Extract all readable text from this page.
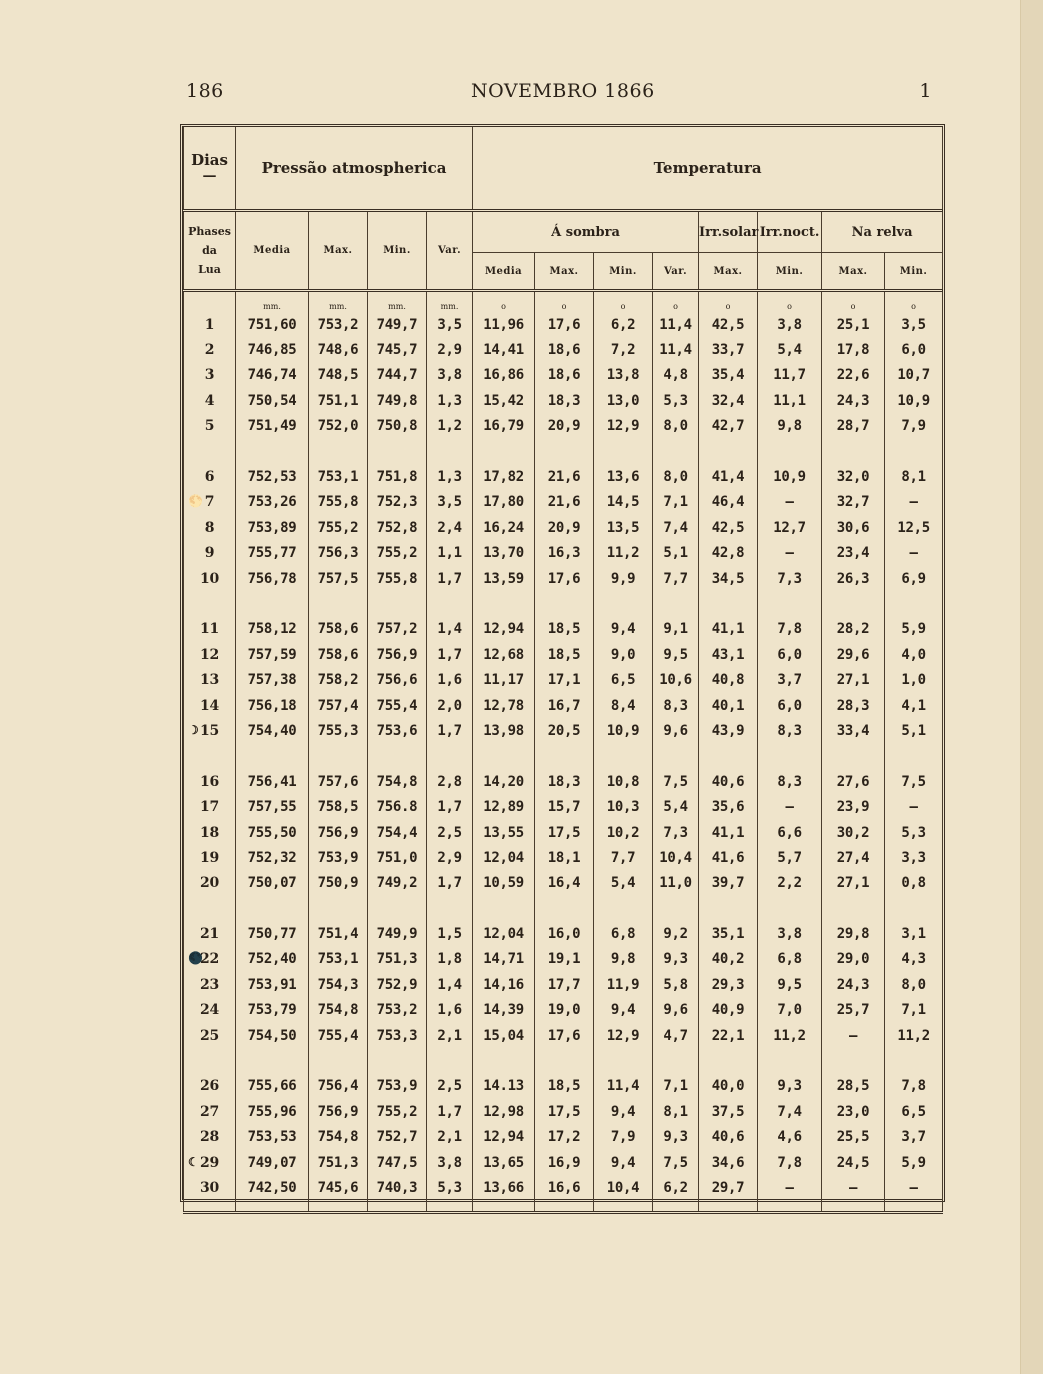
186	NOVEMBRO 1866	1
Dias
—	Pressão atmospherica				Temperatura							

Phases
da
Lua	Media	Max.	Min.	Var.	Á sombra				Irr.solar	Irr.noct.	Na relva	
					Media	Max.	Min.	Var.	Max.	Min.	Max.	Min.

	mm.	mm.	mm.	mm.	o	o	o	o	o	o	o	o
1	751,60	753,2	749,7	3,5	11,96	17,6	6,2	11,4	42,5	3,8	25,1	3,5
2	746,85	748,6	745,7	2,9	14,41	18,6	7,2	11,4	33,7	5,4	17,8	6,0
3	746,74	748,5	744,7	3,8	16,86	18,6	13,8	4,8	35,4	11,7	22,6	10,7
4	750,54	751,1	749,8	1,3	15,42	18,3	13,0	5,3	32,4	11,1	24,3	10,9
5	751,49	752,0	750,8	1,2	16,79	20,9	12,9	8,0	42,7	9,8	28,7	7,9

6	752,53	753,1	751,8	1,3	17,82	21,6	13,6	8,0	41,4	10,9	32,0	8,1

🌕 7	753,26	755,8	752,3	3,5	17,80	21,6	14,5	7,1	46,4	—	32,7	—
8	753,89	755,2	752,8	2,4	16,24	20,9	13,5	7,4	42,5	12,7	30,6	12,5
9	755,77	756,3	755,2	1,1	13,70	16,3	11,2	5,1	42,8	—	23,4	—
10	756,78	757,5	755,8	1,7	13,59	17,6	9,9	7,7	34,5	7,3	26,3	6,9

11	758,12	758,6	757,2	1,4	12,94	18,5	9,4	9,1	41,1	7,8	28,2	5,9
12	757,59	758,6	756,9	1,7	12,68	18,5	9,0	9,5	43,1	6,0	29,6	4,0
13	757,38	758,2	756,6	1,6	11,17	17,1	6,5	10,6	40,8	3,7	27,1	1,0
14	756,18	757,4	755,4	2,0	12,78	16,7	8,4	8,3	40,1	6,0	28,3	4,1

☽ 15	754,40	755,3	753,6	1,7	13,98	20,5	10,9	9,6	43,9	8,3	33,4	5,1

16	756,41	757,6	754,8	2,8	14,20	18,3	10,8	7,5	40,6	8,3	27,6	7,5
17	757,55	758,5	756.8	1,7	12,89	15,7	10,3	5,4	35,6	—	23,9	—
18	755,50	756,9	754,4	2,5	13,55	17,5	10,2	7,3	41,1	6,6	30,2	5,3
19	752,32	753,9	751,0	2,9	12,04	18,1	7,7	10,4	41,6	5,7	27,4	3,3
20	750,07	750,9	749,2	1,7	10,59	16,4	5,4	11,0	39,7	2,2	27,1	0,8

21	750,77	751,4	749,9	1,5	12,04	16,0	6,8	9,2	35,1	3,8	29,8	3,1

🌑
22	752,40	753,1	751,3	1,8	14,71	19,1	9,8	9,3	40,2	6,8	29,0	4,3
23	753,91	754,3	752,9	1,4	14,16	17,7	11,9	5,8	29,3	9,5	24,3	8,0
24	753,79	754,8	753,2	1,6	14,39	19,0	9,4	9,6	40,9	7,0	25,7	7,1
25	754,50	755,4	753,3	2,1	15,04	17,6	12,9	4,7	22,1	11,2	—	11,2

26	755,66	756,4	753,9	2,5	14.13	18,5	11,4	7,1	40,0	9,3	28,5	7,8
27	755,96	756,9	755,2	1,7	12,98	17,5	9,4	8,1	37,5	7,4	23,0	6,5
28	753,53	754,8	752,7	2,1	12,94	17,2	7,9	9,3	40,6	4,6	25,5	3,7

☾ 29	749,07	751,3	747,5	3,8	13,65	16,9	9,4	7,5	34,6	7,8	24,5	5,9
30	742,50	745,6	740,3	5,3	13,66	16,6	10,4	6,2	29,7	—	—	—
